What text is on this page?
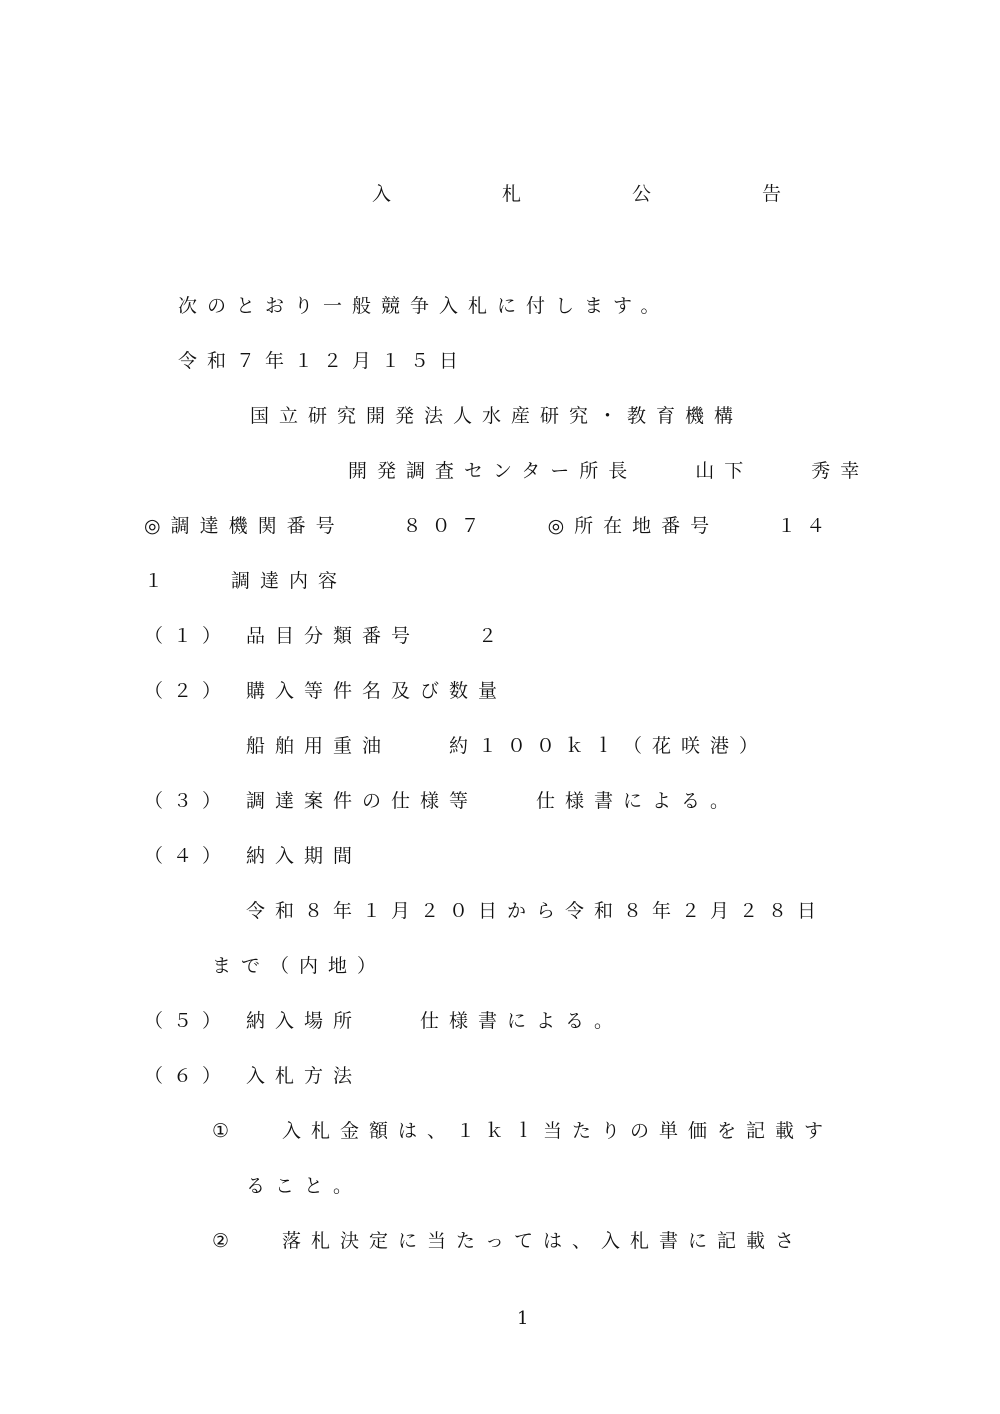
入　札　公　告
次のとおり一般競争入札に付します。
令和７年１２月１５日
国立研究開発法人水産研究・教育機構
開発調査センター所長　　山下　　秀幸
◎調達機関番号　　８０７　　◎所在地番号　　１４
１　　調達内容
（１） 品目分類番号　　２
（２） 購入等件名及び数量
船舶用重油　　約１００ｋｌ（花咲港）
（３） 調達案件の仕様等　　仕様書による。
（４） 納入期間
令和８年１月２０日から令和８年２月２８日
まで（内地）
（５） 納入場所　　仕様書による。
（６） 入札方法
① 入札金額は、１ｋｌ当たりの単価を記載す
ること。
② 落札決定に当たっては、入札書に記載さ
1
